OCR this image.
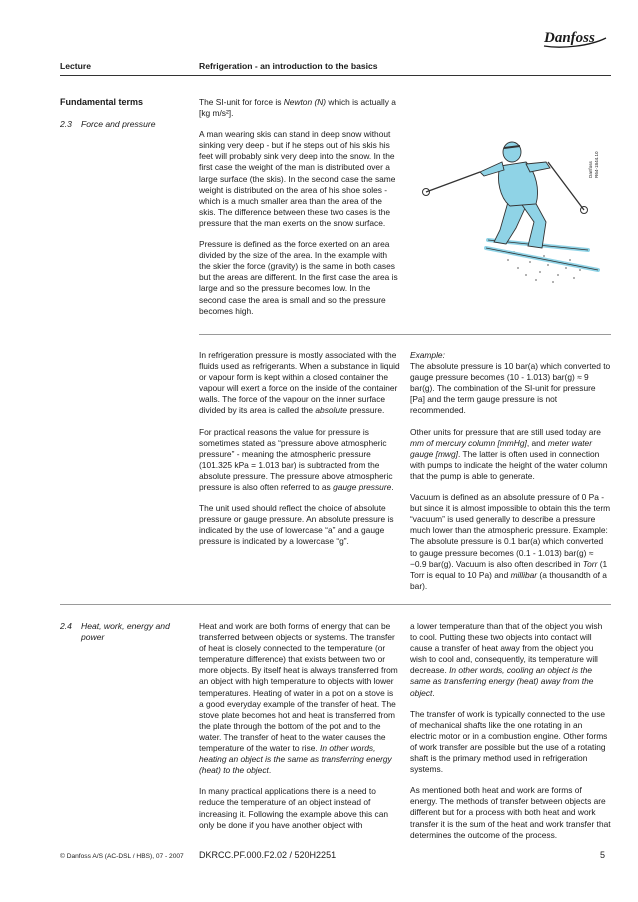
Danfoss
Lecture	Refrigeration - an introduction to the basics
Fundamental terms
2.3 Force and pressure

The SI-unit for force is Newton (N) which is actually a [kg m/s²].

A man wearing skis can stand in deep snow without sinking very deep - but if he steps out of his skis his feet will probably sink very deep into the snow. In the first case the weight of the man is distributed over a large surface (the skis). In the second case the same weight is distributed on the area of his shoe soles - which is a much smaller area than the area of the skis. The difference between these two cases is the pressure that the man exerts on the snow surface.

Pressure is defined as the force exerted on an area divided by the size of the area. In the example with the skier the force (gravity) is the same in both cases but the areas are different. In the first case the area is large and so the pressure becomes low. In the second case the area is small and so the pressure becomes high.

Danfoss R64-1844.10

In refrigeration pressure is mostly associated with the fluids used as refrigerants. When a substance in liquid or vapour form is kept within a closed container the vapour will exert a force on the inside of the container walls. The force of the vapour on the inner surface divided by its area is called the absolute pressure.

For practical reasons the value for pressure is sometimes stated as “pressure above atmospheric pressure” - meaning the atmospheric pressure (101.325 kPa = 1.013 bar) is subtracted from the absolute pressure. The pressure above atmospheric pressure is also often referred to as gauge pressure.

The unit used should reflect the choice of absolute pressure or gauge pressure. An absolute pressure is indicated by the use of lowercase “a” and a gauge pressure is indicated by a lowercase “g”.

Example:

The absolute pressure is 10 bar(a) which converted to gauge pressure becomes (10 - 1.013) bar(g) ≈ 9 bar(g). The combination of the SI-unit for pressure [Pa] and the term gauge pressure is not recommended.

Other units for pressure that are still used today are mm of mercury column [mmHg], and meter water gauge [mwg]. The latter is often used in connection with pumps to indicate the height of the water column that the pump is able to generate.

Vacuum is defined as an absolute pressure of 0 Pa - but since it is almost impossible to obtain this the term “vacuum” is used generally to describe a pressure much lower than the atmospheric pressure. Example: The absolute pressure is 0.1 bar(a) which converted to gauge pressure becomes (0.1 - 1.013) bar(g) ≈ −0.9 bar(g). Vacuum is also often described in Torr (1 Torr is equal to 10 Pa) and millibar (a thousandth of a bar).

2.4 Heat, work, energy and
power

Heat and work are both forms of energy that can be transferred between objects or systems. The transfer of heat is closely connected to the temperature (or temperature difference) that exists between two or more objects. By itself heat is always transferred from an object with high temperature to objects with lower temperatures. Heating of water in a pot on a stove is a good everyday example of the transfer of heat. The stove plate becomes hot and heat is transferred from the plate through the bottom of the pot and to the water. The transfer of heat to the water causes the temperature of the water to rise. In other words, heating an object is the same as transferring energy (heat) to the object.

In many practical applications there is a need to reduce the temperature of an object instead of increasing it. Following the example above this can only be done if you have another object with

a lower temperature than that of the object you wish to cool. Putting these two objects into contact will cause a transfer of heat away from the object you wish to cool and, consequently, its temperature will decrease. In other words, cooling an object is the same as transferring energy (heat) away from the object.

The transfer of work is typically connected to the use of mechanical shafts like the one rotating in an electric motor or in a combustion engine. Other forms of work transfer are possible but the use of a rotating shaft is the primary method used in refrigeration systems.

As mentioned both heat and work are forms of energy. The methods of transfer between objects are different but for a process with both heat and work transfer it is the sum of the heat and work transfer that determines the outcome of the process.

© Danfoss A/S (AC-DSL / HBS), 07 - 2007 DKRCC.PF.000.F2.02 / 520H2251	5
